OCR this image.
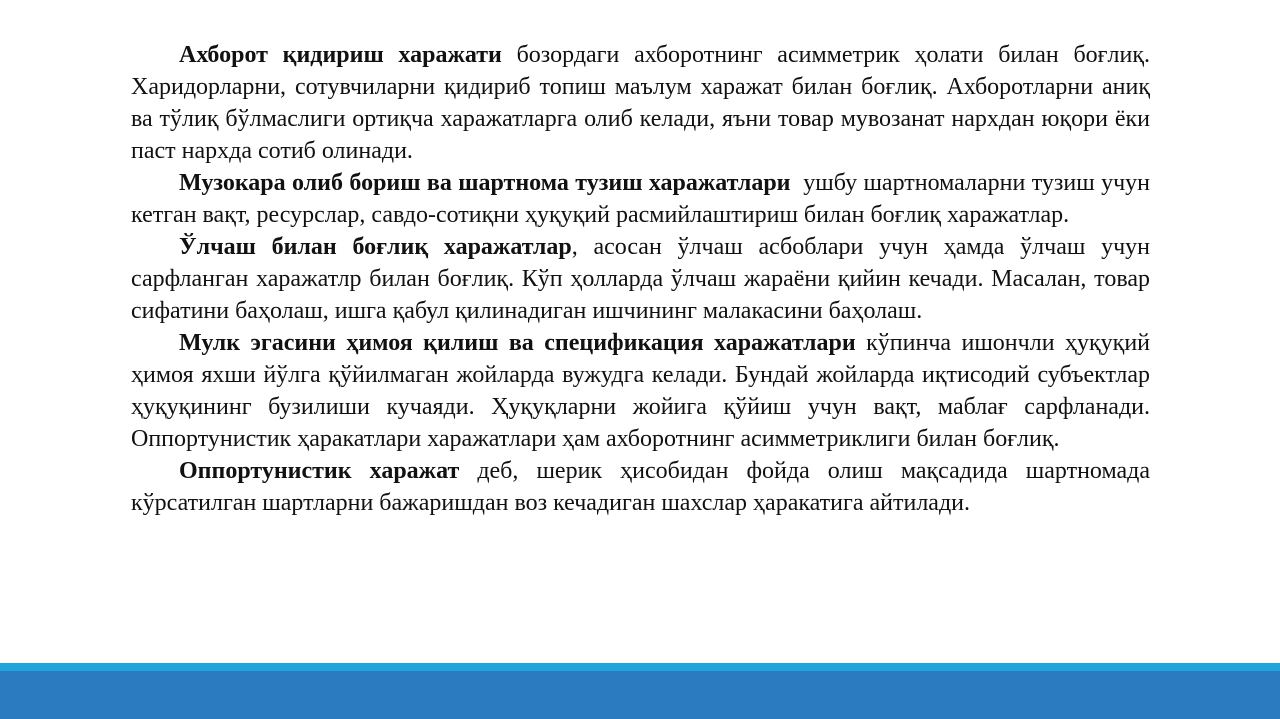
Ахборот қидириш харажати бозордаги ахборотнинг асимметрик ҳолати билан боғлиқ. Харидорларни, сотувчиларни қидириб топиш маълум харажат билан боғлиқ. Ахборотларни аниқ ва тўлиқ бўлмаслиги ортиқча харажатларга олиб келади, яъни товар мувозанат нархдан юқори ёки паст нархда сотиб олинади.

Музокара олиб бориш ва шартнома тузиш харажатлари  ушбу шартномаларни тузиш учун кетган вақт, ресурслар, савдо-сотиқни ҳуқуқий расмийлаштириш билан боғлиқ харажатлар.

Ўлчаш билан боғлиқ харажатлар, асосан ўлчаш асбоблари учун ҳамда ўлчаш учун сарфланган харажатлр билан боғлиқ. Кўп ҳолларда ўлчаш жараёни қийин кечади. Масалан, товар сифатини баҳолаш, ишга қабул қилинадиган ишчининг малакасини баҳолаш.

Мулк эгасини ҳимоя қилиш ва спецификация харажатлари кўпинча ишончли ҳуқуқий ҳимоя яхши йўлга қўйилмаган жойларда вужудга келади. Бундай жойларда иқтисодий субъектлар ҳуқуқининг бузилиши кучаяди. Ҳуқуқларни жойига қўйиш учун вақт, маблағ сарфланади. Оппортунистик ҳаракатлари харажатлари ҳам ахборотнинг асимметриклиги билан боғлиқ.

Оппортунистик харажат деб, шерик ҳисобидан фойда олиш мақсадида шартномада кўрсатилган шартларни бажаришдан воз кечадиган шахслар ҳаракатига айтилади.
